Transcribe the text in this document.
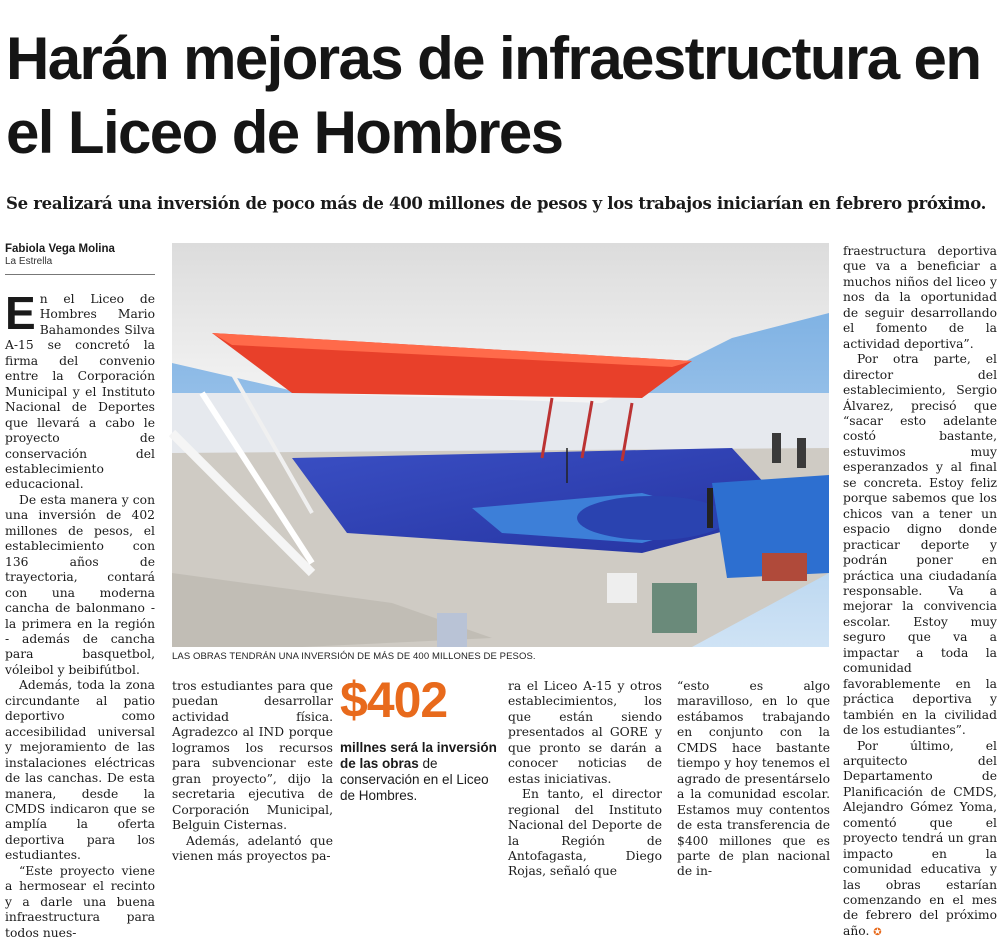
Harán mejoras de infraestructura en el Liceo de Hombres
Se realizará una inversión de poco más de 400 millones de pesos y los trabajos iniciarían en febrero próximo.
Fabiola Vega Molina
La Estrella

En el Liceo de Hombres Mario Bahamondes Silva A-15 se concretó la firma del convenio entre la Corporación Municipal y el Instituto Nacional de Deportes que llevará a cabo le proyecto de conservación del establecimiento educacional.

De esta manera y con una inversión de 402 millones de pesos, el establecimiento con 136 años de trayectoria, contará con una moderna cancha de balonmano - la primera en la región - además de cancha para basquetbol, vóleibol y beibifútbol.

Además, toda la zona circundante al patio deportivo como accesibilidad universal y mejoramiento de las instalaciones eléctricas de las canchas. De esta manera, desde la CMDS indicaron que se amplía la oferta deportiva para los estudiantes.

“Este proyecto viene a hermosear el recinto y a darle una buena infraestructura para todos nues-

LAS OBRAS TENDRÁN UNA INVERSIÓN DE MÁS DE 400 MILLONES DE PESOS.

tros estudiantes para que puedan desarrollar actividad física. Agradezco al IND porque logramos los recursos para subvencionar este gran proyecto”, dijo la secretaria ejecutiva de Corporación Municipal, Belguin Cisternas.

Además, adelantó que vienen más proyectos pa-

$402
millnes será la inversión de las obras de conservación en el Liceo de Hombres.

ra el Liceo A-15 y otros establecimientos, los que están siendo presentados al GORE y que pronto se darán a conocer noticias de estas iniciativas.

En tanto, el director regional del Instituto Nacional del Deporte de la Región de Antofagasta, Diego Rojas, señaló que

“esto es algo maravilloso, en lo que estábamos trabajando en conjunto con la CMDS hace bastante tiempo y hoy tenemos el agrado de presentárselo a la comunidad escolar. Estamos muy contentos de esta transferencia de $400 millones que es parte de plan nacional de in-

fraestructura deportiva que va a beneficiar a muchos niños del liceo y nos da la oportunidad de seguir desarrollando el fomento de la actividad deportiva”.

Por otra parte, el director del establecimiento, Sergio Álvarez, precisó que “sacar esto adelante costó bastante, estuvimos muy esperanzados y al final se concreta. Estoy feliz porque sabemos que los chicos van a tener un espacio digno donde practicar deporte y podrán poner en práctica una ciudadanía responsable. Va a mejorar la convivencia escolar. Estoy muy seguro que va a impactar a toda la comunidad favorablemente en la práctica deportiva y también en la civilidad de los estudiantes”.

Por último, el arquitecto del Departamento de Planificación de CMDS, Alejandro Gómez Yoma, comentó que el proyecto tendrá un gran impacto en la comunidad educativa y las obras estarían comenzando en el mes de febrero del próximo año. ✪
